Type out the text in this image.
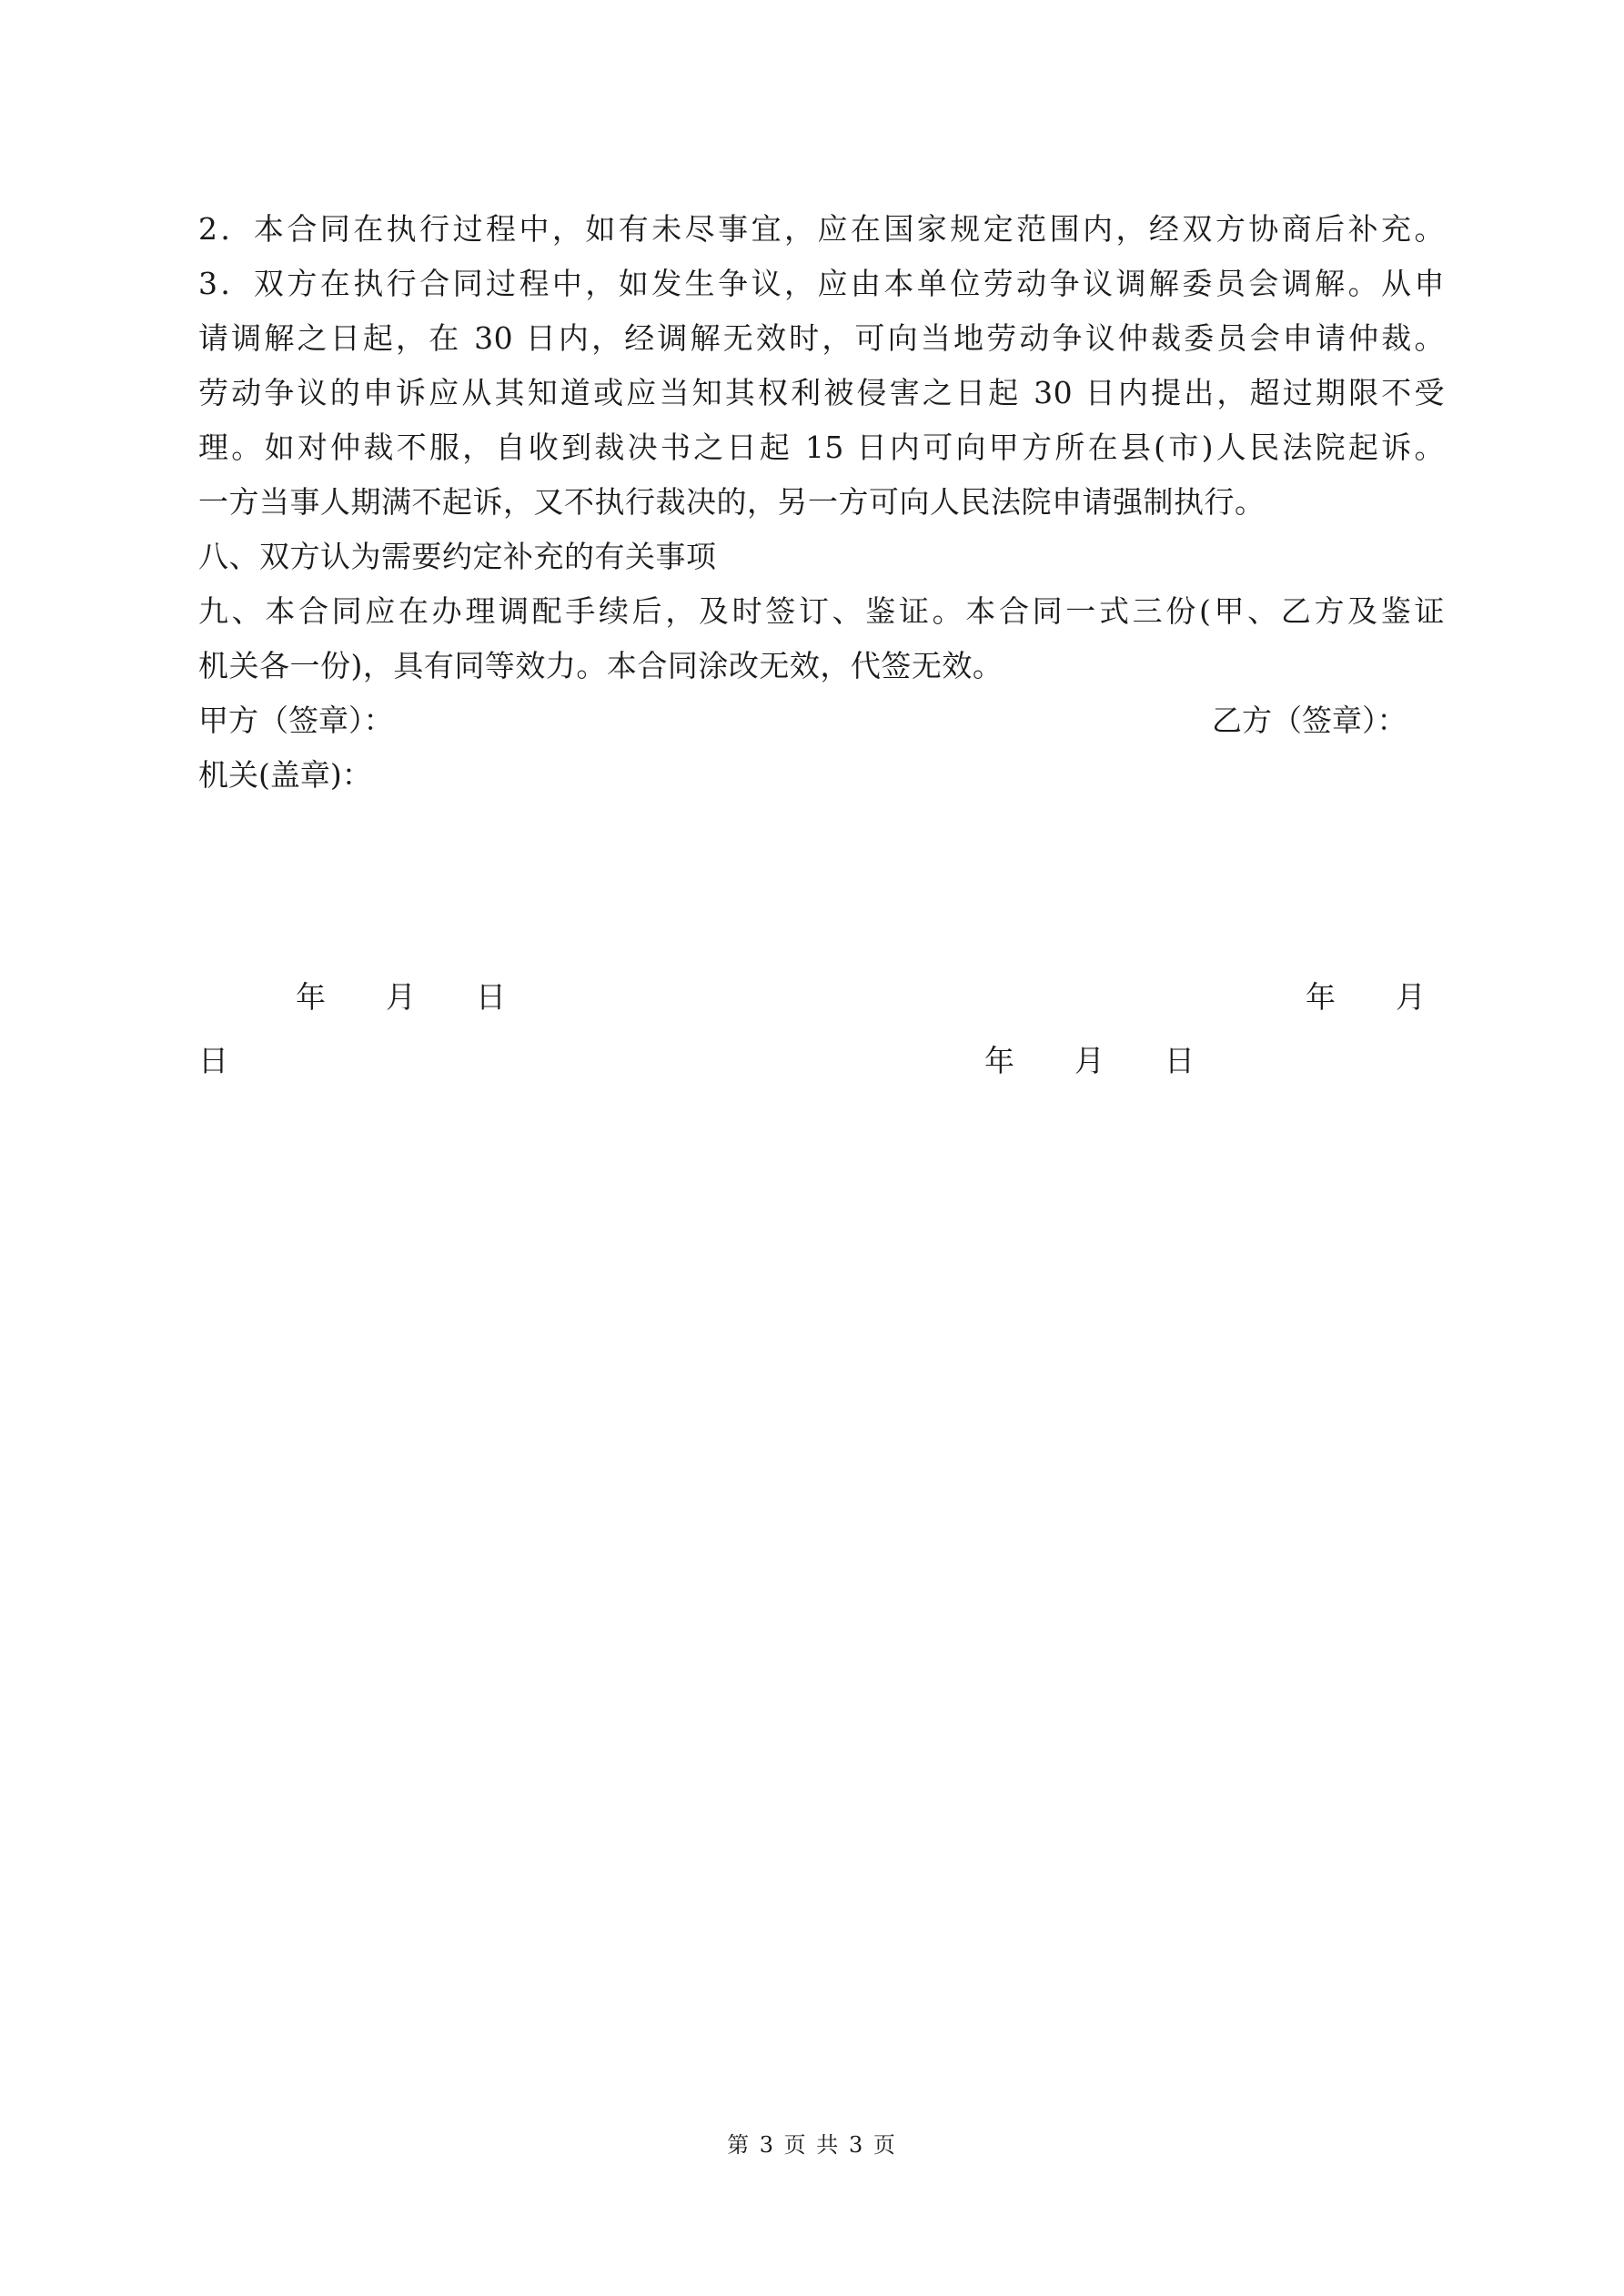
2．本合同在执行过程中，如有未尽事宜，应在国家规定范围内，经双方协商后补充。
3．双方在执行合同过程中，如发生争议，应由本单位劳动争议调解委员会调解。从申
请调解之日起，在 30 日内，经调解无效时，可向当地劳动争议仲裁委员会申请仲裁。
劳动争议的申诉应从其知道或应当知其权利被侵害之日起 30 日内提出，超过期限不受
理。如对仲裁不服，自收到裁决书之日起 15 日内可向甲方所在县(市)人民法院起诉。
一方当事人期满不起诉，又不执行裁决的，另一方可向人民法院申请强制执行。
八、双方认为需要约定补充的有关事项
九、本合同应在办理调配手续后，及时签订、鉴证。本合同一式三份(甲、乙方及鉴证
机关各一份)，具有同等效力。本合同涂改无效，代签无效。
甲方（签章）：	乙方（签章）：
机关(盖章)：
年　　月　　日	年　　月
日	年　　月　　日
第 3 页 共 3 页
